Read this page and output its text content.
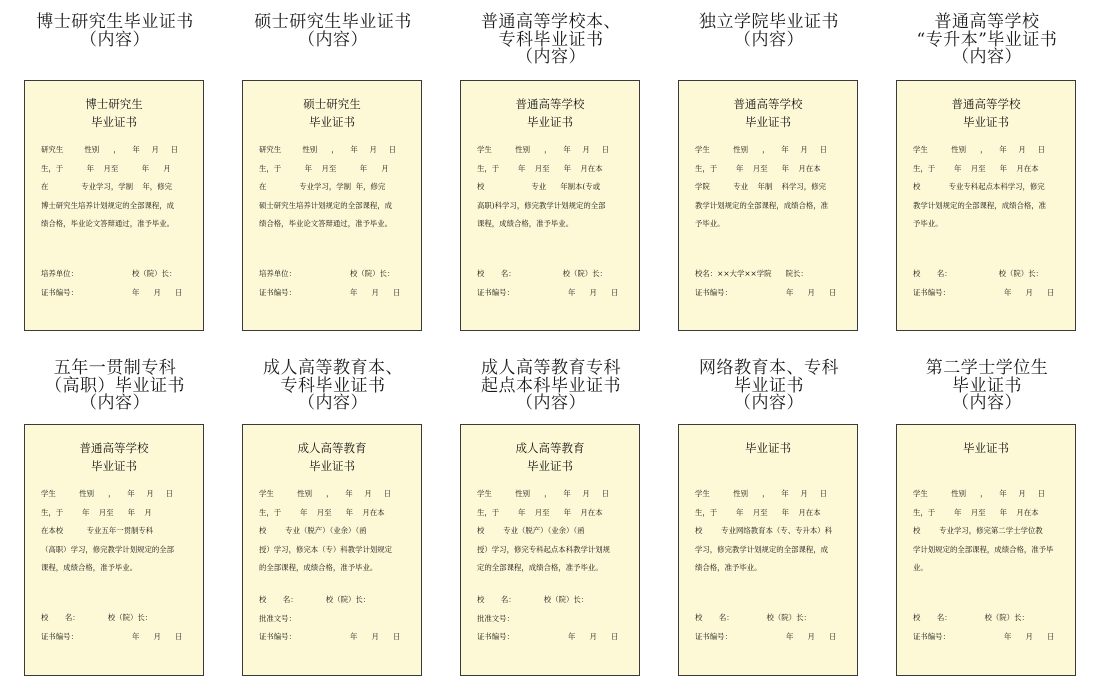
博士研究生毕业证书
（内容）
博士研究生
毕业证书
研究生         性别      ，     年     月     日
生，于          年    月至          年      月
在              专业学习，学制    年，修完
博士研究生培养计划规定的全部课程，成
绩合格，毕业论文答辩通过，准予毕业。
培养单位：                       校（院）长：
证书编号：                       年      月      日
硕士研究生毕业证书
（内容）
硕士研究生
毕业证书
研究生         性别      ，     年     月     日
生，于          年    月至          年      月
在              专业学习，学制  年，修完
硕士研究生培养计划规定的全部课程，成
绩合格，毕业论文答辩通过，准予毕业。
培养单位：                       校（院）长：
证书编号：                       年      月      日
普通高等学校本、
专科毕业证书
（内容）
普通高等学校
毕业证书
学生          性别      ，     年     月     日
生，于        年    月至      年    月在本
校                    专业      年制本(专或
高职)科学习，修完教学计划规定的全部
课程，成绩合格，准予毕业。
校       名：                    校（院）长：
证书编号：                       年      月      日
独立学院毕业证书
（内容）
普通高等学校
毕业证书
学生          性别      ，     年     月     日
生，于        年    月至      年    月在本
学院          专业    年制    科学习，修完
教学计划规定的全部课程，成绩合格，准
予毕业。
校名：××大学××学院      院长：
证书编号：                       年      月      日
普通高等学校
“专升本”毕业证书
（内容）
普通高等学校
毕业证书
学生          性别      ，     年     月     日
生，于        年    月至      年    月在本
校            专业专科起点本科学习，修完
教学计划规定的全部课程，成绩合格，准
予毕业。
校       名：                    校（院）长：
证书编号：                       年      月      日
五年一贯制专科
（高职）毕业证书
（内容）
普通高等学校
毕业证书
学生          性别      ，     年     月     日
生，于        年    月至      年    月
在本校          专业五年一贯制专科
（高职）学习，修完教学计划规定的全部
课程，成绩合格，准予毕业。
校       名：            校（院）长：
证书编号：                       年      月      日
成人高等教育本、
专科毕业证书
（内容）
成人高等教育
毕业证书
学生          性别      ，     年     月     日
生，于        年    月至      年    月在本
校        专业（脱产）（业余）（函
授）学习，修完本（专）科教学计划规定
的全部课程，成绩合格，准予毕业。
校       名：            校（院）长：
批准文号：
证书编号：                       年      月      日
成人高等教育专科
起点本科毕业证书
（内容）
成人高等教育
毕业证书
学生          性别      ，     年     月     日
生，于        年    月至      年    月在本
校        专业（脱产）（业余）（函
授）学习，修完专科起点本科教学计划规
定的全部课程，成绩合格，准予毕业。
校       名：            校（院）长：
批准文号：
证书编号：                       年      月      日
网络教育本、专科
毕业证书
（内容）
毕业证书
学生          性别      ，     年     月     日
生，于        年    月至      年    月在本
校        专业网络教育本（专、专升本）科
学习，修完教学计划规定的全部课程，成
绩合格，准予毕业。
校       名：              校（院）长：
证书编号：                       年      月      日
第二学士学位生
毕业证书
（内容）
毕业证书
学生          性别      ，     年     月     日
生，于        年    月至      年    月在本
校        专业学习，修完第二学士学位教
学计划规定的全部课程，成绩合格，准予毕
业。
校       名：              校（院）长：
证书编号：                       年      月      日
